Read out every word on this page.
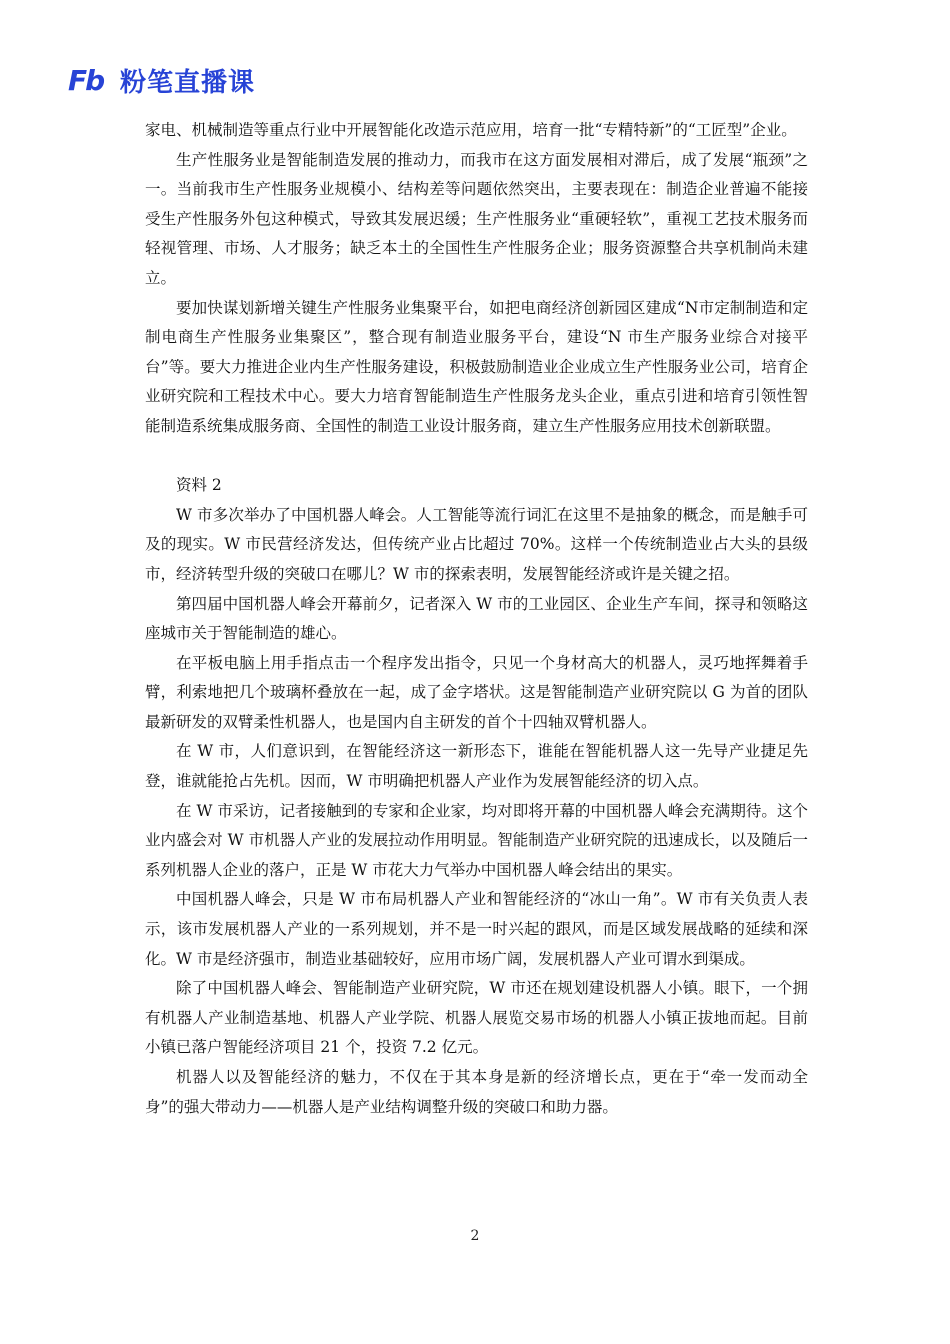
Fb 粉笔直播课

家电、机械制造等重点行业中开展智能化改造示范应用，培育一批“专精特新”的“工匠型”企业。

生产性服务业是智能制造发展的推动力，而我市在这方面发展相对滞后，成了发展“瓶颈”之一。当前我市生产性服务业规模小、结构差等问题依然突出，主要表现在：制造企业普遍不能接受生产性服务外包这种模式，导致其发展迟缓；生产性服务业“重硬轻软”，重视工艺技术服务而轻视管理、市场、人才服务；缺乏本土的全国性生产性服务企业；服务资源整合共享机制尚未建立。

要加快谋划新增关键生产性服务业集聚平台，如把电商经济创新园区建成“N市定制制造和定制电商生产性服务业集聚区”，整合现有制造业服务平台，建设“N 市生产服务业综合对接平台”等。要大力推进企业内生产性服务建设，积极鼓励制造业企业成立生产性服务业公司，培育企业研究院和工程技术中心。要大力培育智能制造生产性服务龙头企业，重点引进和培育引领性智能制造系统集成服务商、全国性的制造工业设计服务商，建立生产性服务应用技术创新联盟。

资料 2

W 市多次举办了中国机器人峰会。人工智能等流行词汇在这里不是抽象的概念，而是触手可及的现实。W 市民营经济发达，但传统产业占比超过 70%。这样一个传统制造业占大头的县级市，经济转型升级的突破口在哪儿？W 市的探索表明，发展智能经济或许是关键之招。

第四届中国机器人峰会开幕前夕，记者深入 W 市的工业园区、企业生产车间，探寻和领略这座城市关于智能制造的雄心。

在平板电脑上用手指点击一个程序发出指令，只见一个身材高大的机器人，灵巧地挥舞着手臂，利索地把几个玻璃杯叠放在一起，成了金字塔状。这是智能制造产业研究院以 G 为首的团队最新研发的双臂柔性机器人，也是国内自主研发的首个十四轴双臂机器人。

在 W 市，人们意识到，在智能经济这一新形态下，谁能在智能机器人这一先导产业捷足先登，谁就能抢占先机。因而，W 市明确把机器人产业作为发展智能经济的切入点。

在 W 市采访，记者接触到的专家和企业家，均对即将开幕的中国机器人峰会充满期待。这个业内盛会对 W 市机器人产业的发展拉动作用明显。智能制造产业研究院的迅速成长，以及随后一系列机器人企业的落户，正是 W 市花大力气举办中国机器人峰会结出的果实。

中国机器人峰会，只是 W 市布局机器人产业和智能经济的“冰山一角”。W 市有关负责人表示，该市发展机器人产业的一系列规划，并不是一时兴起的跟风，而是区域发展战略的延续和深化。W 市是经济强市，制造业基础较好，应用市场广阔，发展机器人产业可谓水到渠成。

除了中国机器人峰会、智能制造产业研究院，W 市还在规划建设机器人小镇。眼下，一个拥有机器人产业制造基地、机器人产业学院、机器人展览交易市场的机器人小镇正拔地而起。目前小镇已落户智能经济项目 21 个，投资 7.2 亿元。

机器人以及智能经济的魅力，不仅在于其本身是新的经济增长点，更在于“牵一发而动全身”的强大带动力——机器人是产业结构调整升级的突破口和助力器。

2
